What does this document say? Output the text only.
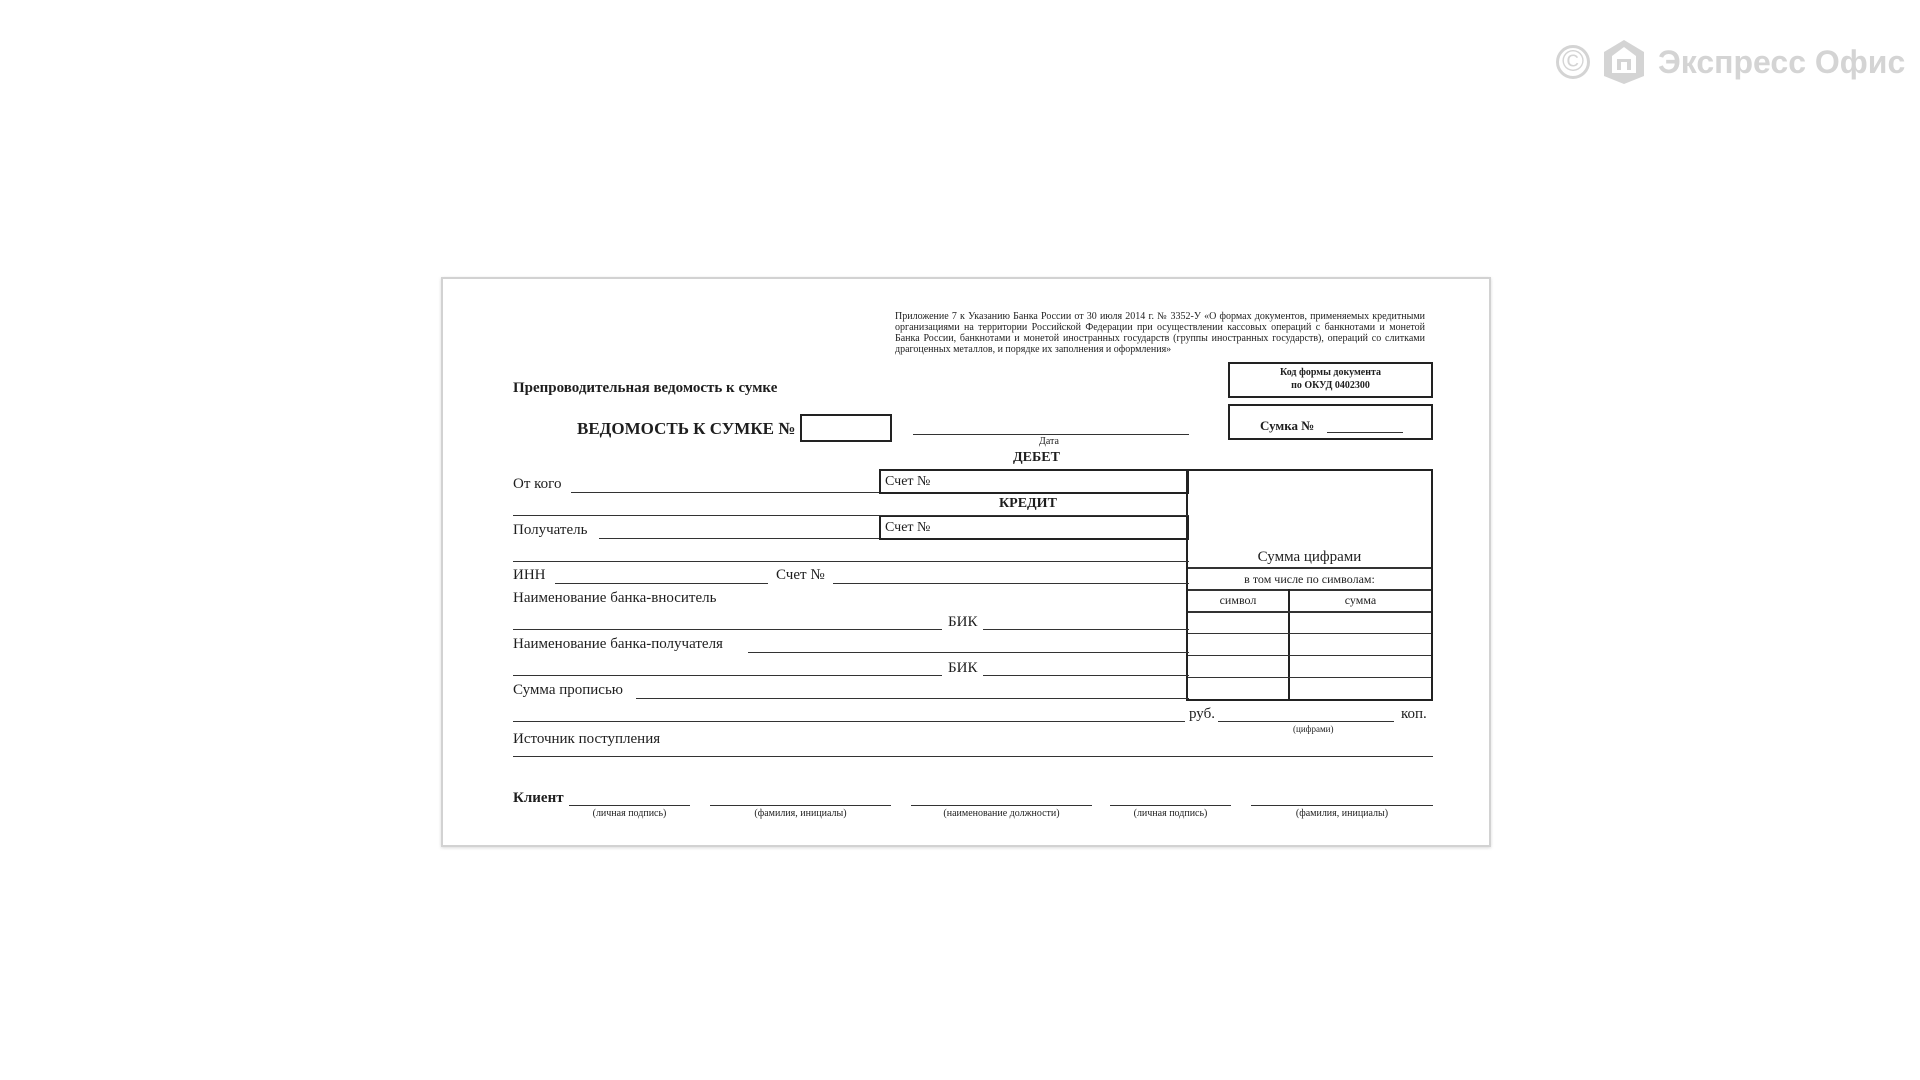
© Экспресс Офис
Приложение 7 к Указанию Банка России от 30 июля 2014 г. № 3352-У «О формах документов, применяемых кредитными организациями на территории Российской Федерации при осуществлении кассовых операций с банкнотами и монетой Банка России, банкнотами и монетой иностранных государств (группы иностранных государств), операций со слитками драгоценных металлов, и порядке их заполнения и оформления»
Препроводительная ведомость к сумке
Код формы документа
по ОКУД 0402300
Сумка №
ВЕДОМОСТЬ К СУМКЕ №
Дата
ДЕБЕТ
Счет №
КРЕДИТ
Счет №
Сумма цифрами
в том числе по символам:
символ	сумма
От кого
Получатель
ИНН	Счет №
Наименование банка-вноситель
БИК
Наименование банка-получателя
БИК
Сумма прописью
руб.
(цифрами)
коп.
Источник поступления
Клиент
(личная подпись)	(фамилия, инициалы)	(наименование должности)	(личная подпись)	(фамилия, инициалы)
